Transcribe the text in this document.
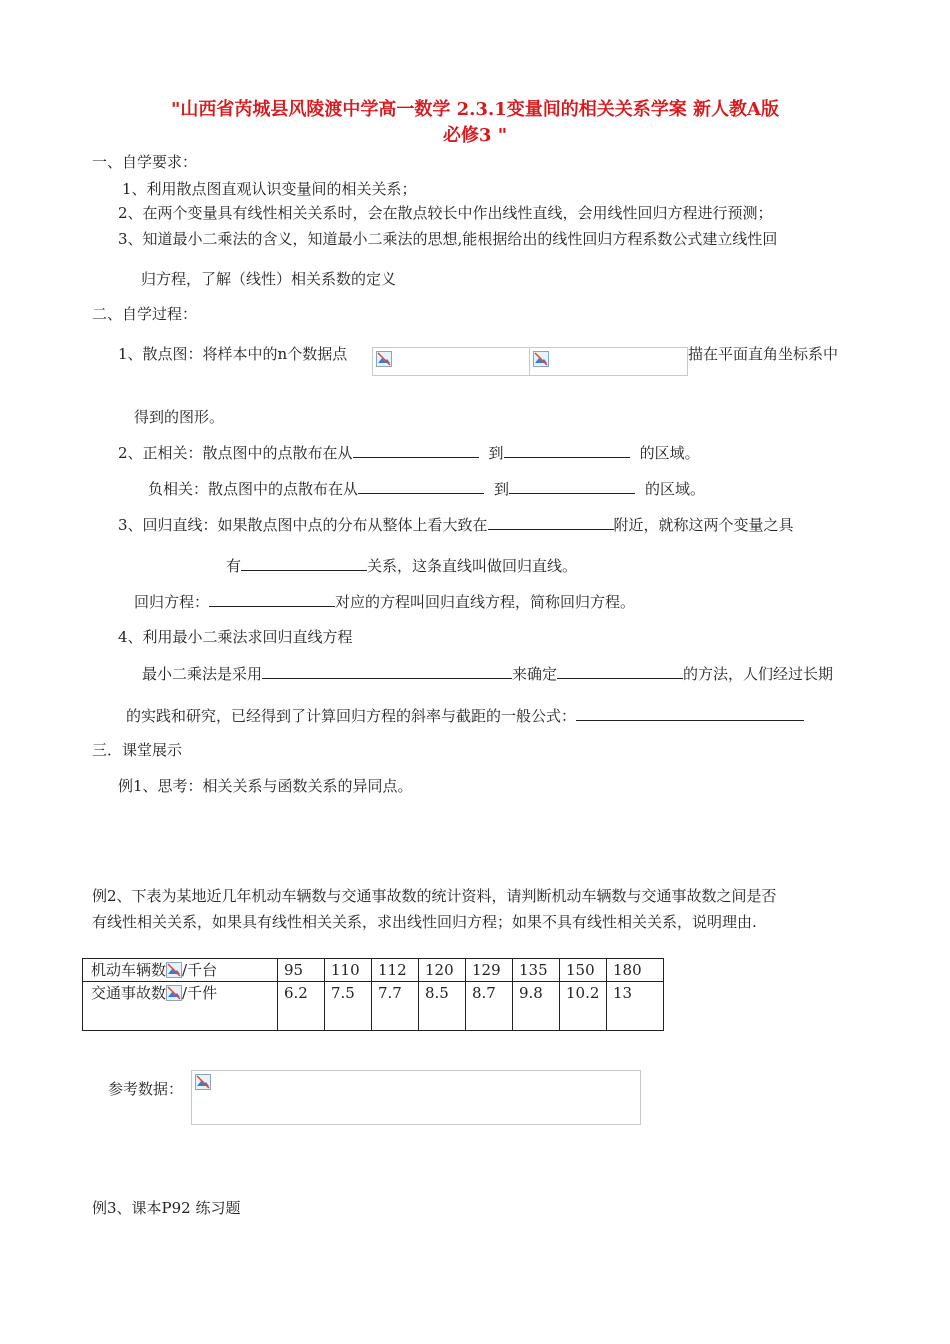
"山西省芮城县风陵渡中学高一数学 2.3.1变量间的相关关系学案 新人教A版
必修3 "
一、自学要求：
1、利用散点图直观认识变量间的相关关系；
2、在两个变量具有线性相关关系时，会在散点较长中作出线性直线，会用线性回归方程进行预测；
3、知道最小二乘法的含义，知道最小二乘法的思想,能根据给出的线性回归方程系数公式建立线性回
归方程，了解（线性）相关系数的定义
二、自学过程：
1、散点图：将样本中的n个数据点	描在平面直角坐标系中
得到的图形。
2、正相关：散点图中的点散布在从	到	的区域。
负相关：散点图中的点散布在从	到	的区域。
3、回归直线：如果散点图中点的分布从整体上看大致在	附近，就称这两个变量之具
有	关系，这条直线叫做回归直线。
回归方程：	对应的方程叫回归直线方程，简称回归方程。
4、利用最小二乘法求回归直线方程
最小二乘法是采用	来确定	的方法，人们经过长期
的实践和研究，已经得到了计算回归方程的斜率与截距的一般公式：
三．课堂展示
例1、思考：相关关系与函数关系的异同点。
例2、下表为某地近几年机动车辆数与交通事故数的统计资料，请判断机动车辆数与交通事故数之间是否
有线性相关关系，如果具有线性相关关系，求出线性回归方程；如果不具有线性相关关系，说明理由.
机动车辆数 /千台	95	110	112	120	129	135	150	180
交通事故数 /千件	6.2	7.5	7.7	8.5	8.7	9.8	10.2	13
参考数据：
例3、课本P92 练习题
